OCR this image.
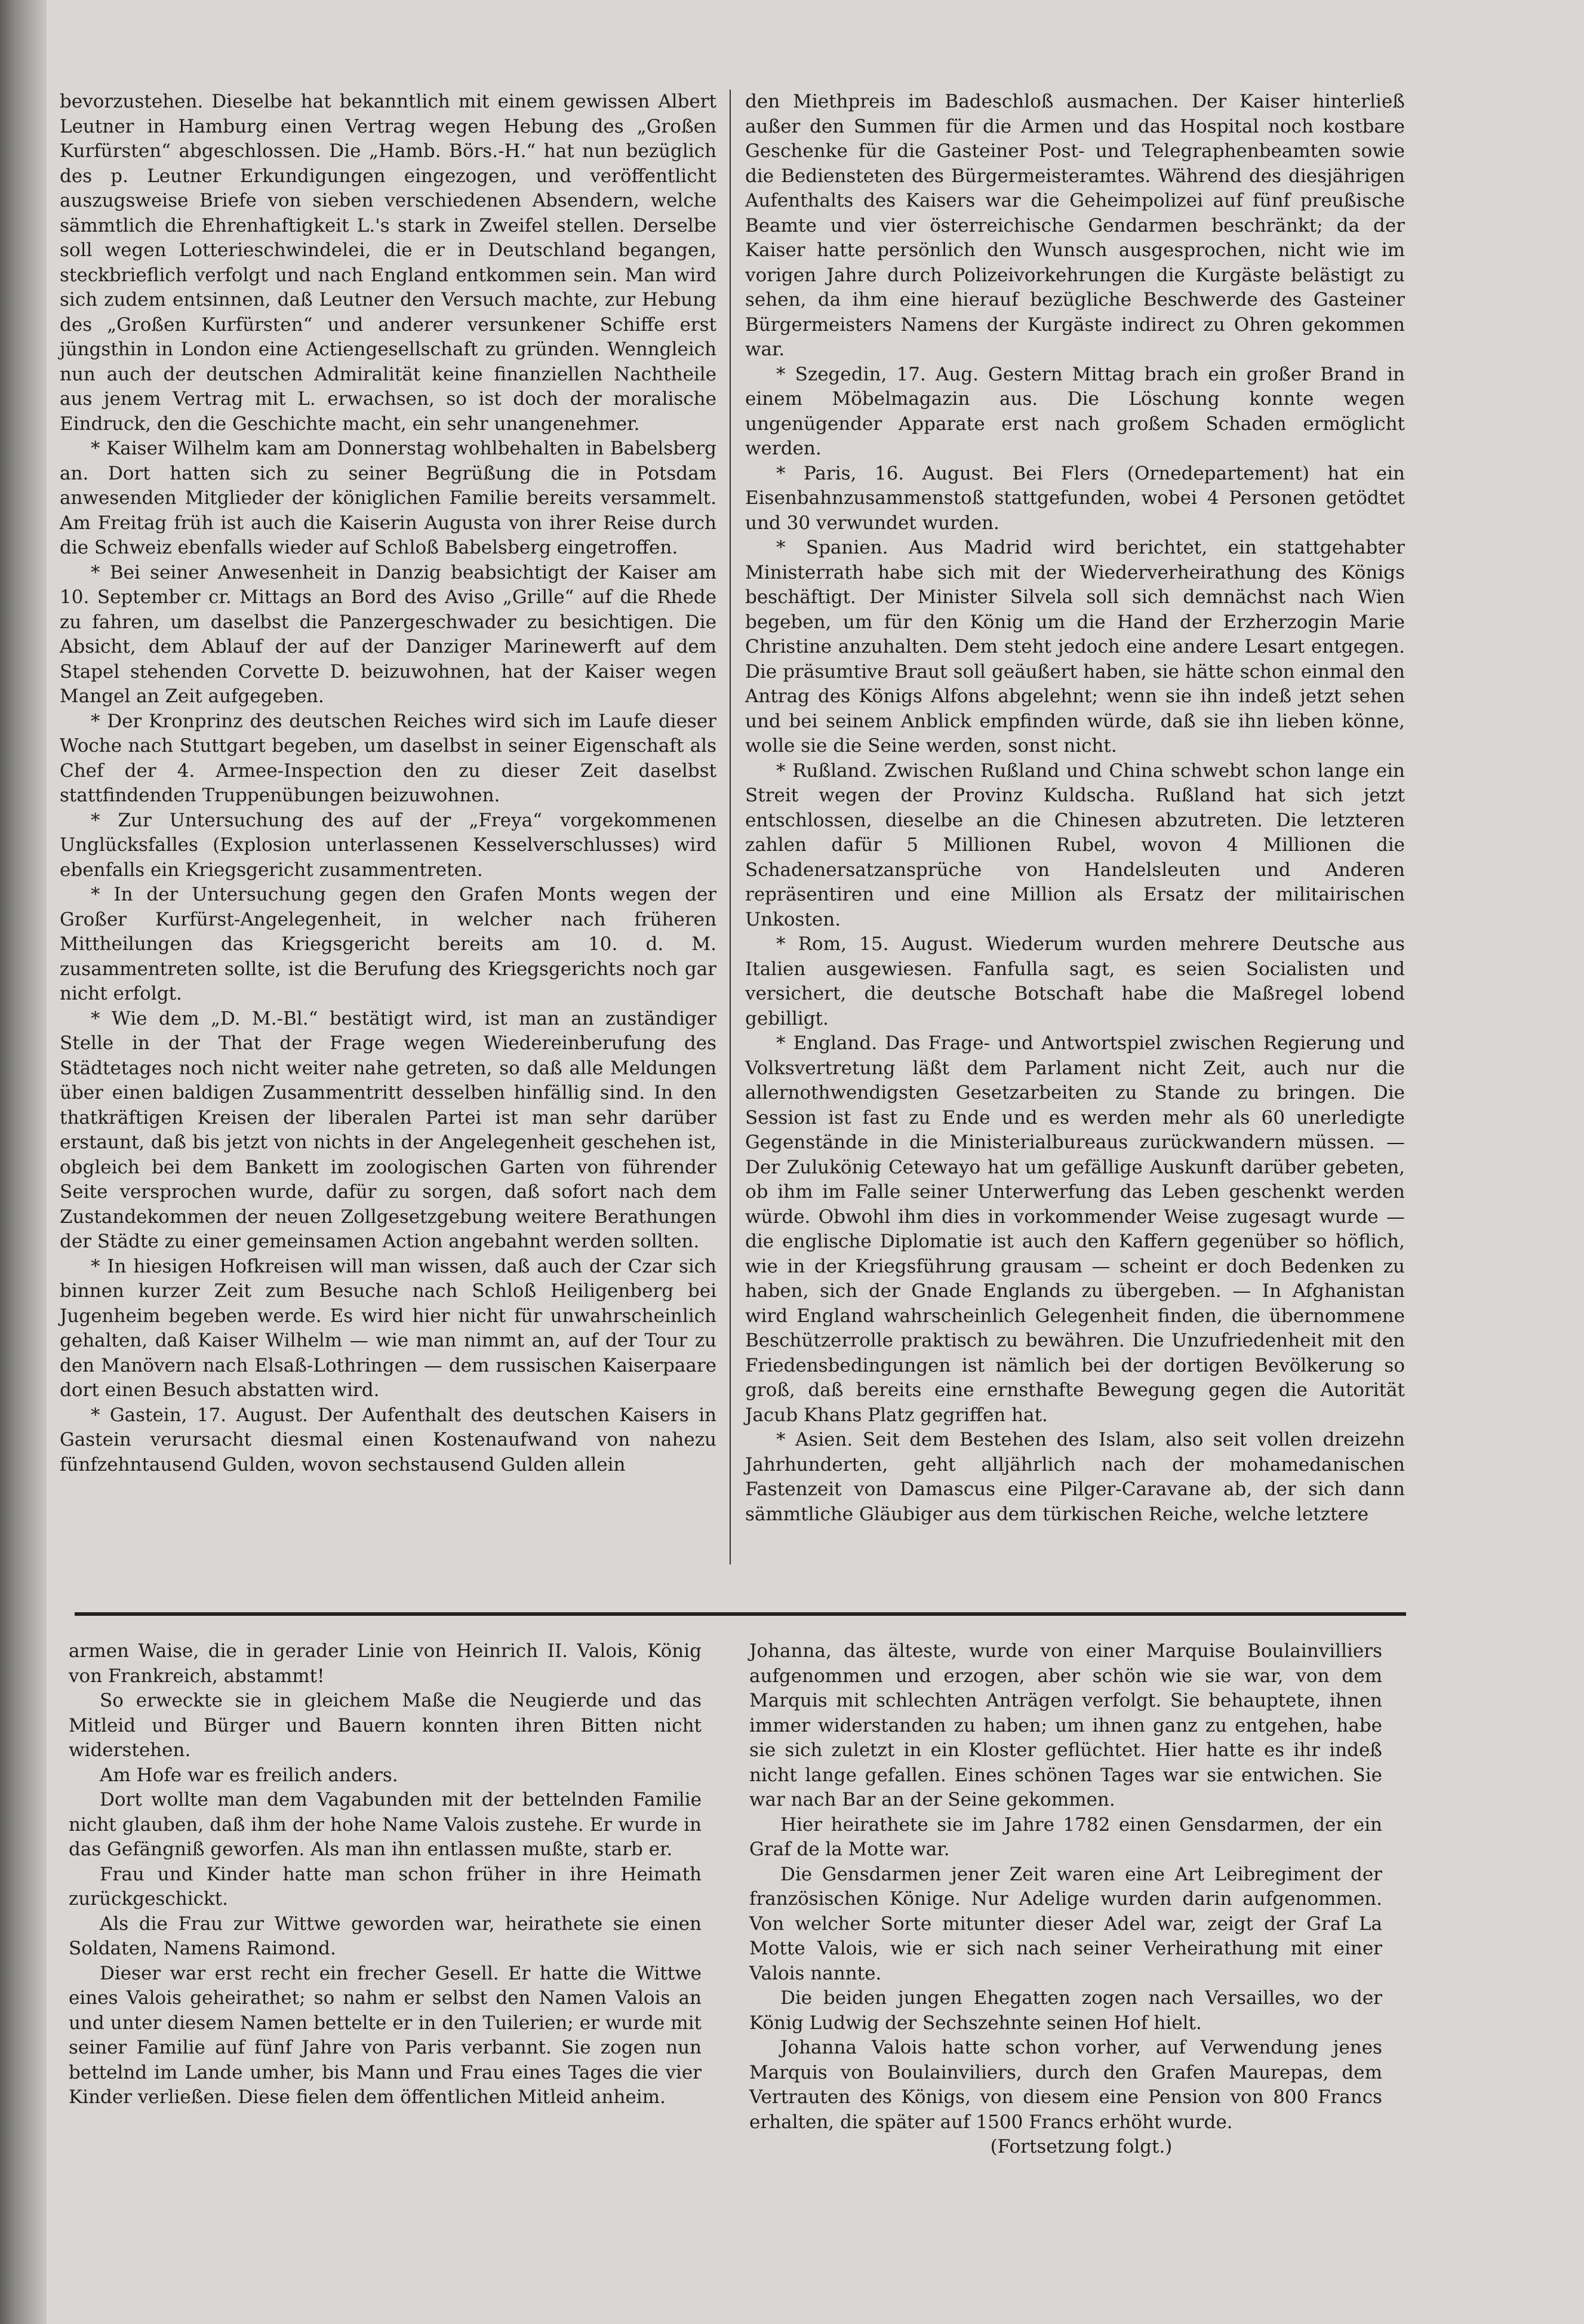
bevorzustehen. Dieselbe hat bekanntlich mit einem gewissen Albert Leutner in Hamburg einen Vertrag wegen Hebung des „Großen Kurfürsten“ abgeschlossen. Die „Hamb. Börs.-H.“ hat nun bezüglich des p. Leutner Erkundigungen eingezogen, und veröffentlicht auszugsweise Briefe von sieben verschiedenen Absendern, welche sämmtlich die Ehrenhaftigkeit L.'s stark in Zweifel stellen. Derselbe soll wegen Lotterieschwindelei, die er in Deutschland begangen, steckbrieflich verfolgt und nach England entkommen sein. Man wird sich zudem entsinnen, daß Leutner den Versuch machte, zur Hebung des „Großen Kurfürsten“ und anderer versunkener Schiffe erst jüngsthin in London eine Actiengesellschaft zu gründen. Wenngleich nun auch der deutschen Admiralität keine finanziellen Nachtheile aus jenem Vertrag mit L. erwachsen, so ist doch der moralische Eindruck, den die Geschichte macht, ein sehr unangenehmer.

* Kaiser Wilhelm kam am Donnerstag wohlbehalten in Babelsberg an. Dort hatten sich zu seiner Begrüßung die in Potsdam anwesenden Mitglieder der königlichen Familie bereits versammelt. Am Freitag früh ist auch die Kaiserin Augusta von ihrer Reise durch die Schweiz ebenfalls wieder auf Schloß Babelsberg eingetroffen.

* Bei seiner Anwesenheit in Danzig beabsichtigt der Kaiser am 10. September cr. Mittags an Bord des Aviso „Grille“ auf die Rhede zu fahren, um daselbst die Panzergeschwader zu besichtigen. Die Absicht, dem Ablauf der auf der Danziger Marinewerft auf dem Stapel stehenden Corvette D. beizuwohnen, hat der Kaiser wegen Mangel an Zeit aufgegeben.

* Der Kronprinz des deutschen Reiches wird sich im Laufe dieser Woche nach Stuttgart begeben, um daselbst in seiner Eigenschaft als Chef der 4. Armee-Inspection den zu dieser Zeit daselbst stattfindenden Truppenübungen beizuwohnen.

* Zur Untersuchung des auf der „Freya“ vorgekommenen Unglücksfalles (Explosion unterlassenen Kesselverschlusses) wird ebenfalls ein Kriegsgericht zusammentreten.

* In der Untersuchung gegen den Grafen Monts wegen der Großer Kurfürst-Angelegenheit, in welcher nach früheren Mittheilungen das Kriegsgericht bereits am 10. d. M. zusammentreten sollte, ist die Berufung des Kriegsgerichts noch gar nicht erfolgt.

* Wie dem „D. M.-Bl.“ bestätigt wird, ist man an zuständiger Stelle in der That der Frage wegen Wiedereinberufung des Städtetages noch nicht weiter nahe getreten, so daß alle Meldungen über einen baldigen Zusammentritt desselben hinfällig sind. In den thatkräftigen Kreisen der liberalen Partei ist man sehr darüber erstaunt, daß bis jetzt von nichts in der Angelegenheit geschehen ist, obgleich bei dem Bankett im zoologischen Garten von führender Seite versprochen wurde, dafür zu sorgen, daß sofort nach dem Zustandekommen der neuen Zollgesetzgebung weitere Berathungen der Städte zu einer gemeinsamen Action angebahnt werden sollten.

* In hiesigen Hofkreisen will man wissen, daß auch der Czar sich binnen kurzer Zeit zum Besuche nach Schloß Heiligenberg bei Jugenheim begeben werde. Es wird hier nicht für unwahrscheinlich gehalten, daß Kaiser Wilhelm — wie man nimmt an, auf der Tour zu den Manövern nach Elsaß-Lothringen — dem russischen Kaiserpaare dort einen Besuch abstatten wird.

* Gastein, 17. August. Der Aufenthalt des deutschen Kaisers in Gastein verursacht diesmal einen Kostenaufwand von nahezu fünfzehntausend Gulden, wovon sechstausend Gulden allein

den Miethpreis im Badeschloß ausmachen. Der Kaiser hinterließ außer den Summen für die Armen und das Hospital noch kostbare Geschenke für die Gasteiner Post- und Telegraphenbeamten sowie die Bediensteten des Bürgermeisteramtes. Während des diesjährigen Aufenthalts des Kaisers war die Geheimpolizei auf fünf preußische Beamte und vier österreichische Gendarmen beschränkt; da der Kaiser hatte persönlich den Wunsch ausgesprochen, nicht wie im vorigen Jahre durch Polizeivorkehrungen die Kurgäste belästigt zu sehen, da ihm eine hierauf bezügliche Beschwerde des Gasteiner Bürgermeisters Namens der Kurgäste indirect zu Ohren gekommen war.

* Szegedin, 17. Aug. Gestern Mittag brach ein großer Brand in einem Möbelmagazin aus. Die Löschung konnte wegen ungenügender Apparate erst nach großem Schaden ermöglicht werden.

* Paris, 16. August. Bei Flers (Ornedepartement) hat ein Eisenbahnzusammenstoß stattgefunden, wobei 4 Personen getödtet und 30 verwundet wurden.

* Spanien. Aus Madrid wird berichtet, ein stattgehabter Ministerrath habe sich mit der Wiederverheirathung des Königs beschäftigt. Der Minister Silvela soll sich demnächst nach Wien begeben, um für den König um die Hand der Erzherzogin Marie Christine anzuhalten. Dem steht jedoch eine andere Lesart entgegen. Die präsumtive Braut soll geäußert haben, sie hätte schon einmal den Antrag des Königs Alfons abgelehnt; wenn sie ihn indeß jetzt sehen und bei seinem Anblick empfinden würde, daß sie ihn lieben könne, wolle sie die Seine werden, sonst nicht.

* Rußland. Zwischen Rußland und China schwebt schon lange ein Streit wegen der Provinz Kuldscha. Rußland hat sich jetzt entschlossen, dieselbe an die Chinesen abzutreten. Die letzteren zahlen dafür 5 Millionen Rubel, wovon 4 Millionen die Schadenersatzansprüche von Handelsleuten und Anderen repräsentiren und eine Million als Ersatz der militairischen Unkosten.

* Rom, 15. August. Wiederum wurden mehrere Deutsche aus Italien ausgewiesen. Fanfulla sagt, es seien Socialisten und versichert, die deutsche Botschaft habe die Maßregel lobend gebilligt.

* England. Das Frage- und Antwortspiel zwischen Regierung und Volksvertretung läßt dem Parlament nicht Zeit, auch nur die allernothwendigsten Gesetzarbeiten zu Stande zu bringen. Die Session ist fast zu Ende und es werden mehr als 60 unerledigte Gegenstände in die Ministerialbureaus zurückwandern müssen. — Der Zulukönig Cetewayo hat um gefällige Auskunft darüber gebeten, ob ihm im Falle seiner Unterwerfung das Leben geschenkt werden würde. Obwohl ihm dies in vorkommender Weise zugesagt wurde — die englische Diplomatie ist auch den Kaffern gegenüber so höflich, wie in der Kriegsführung grausam — scheint er doch Bedenken zu haben, sich der Gnade Englands zu übergeben. — In Afghanistan wird England wahrscheinlich Gelegenheit finden, die übernommene Beschützerrolle praktisch zu bewähren. Die Unzufriedenheit mit den Friedensbedingungen ist nämlich bei der dortigen Bevölkerung so groß, daß bereits eine ernsthafte Bewegung gegen die Autorität Jacub Khans Platz gegriffen hat.

* Asien. Seit dem Bestehen des Islam, also seit vollen dreizehn Jahrhunderten, geht alljährlich nach der mohamedanischen Fastenzeit von Damascus eine Pilger-Caravane ab, der sich dann sämmtliche Gläubiger aus dem türkischen Reiche, welche letztere

armen Waise, die in gerader Linie von Heinrich II. Valois, König von Frankreich, abstammt!

So erweckte sie in gleichem Maße die Neugierde und das Mitleid und Bürger und Bauern konnten ihren Bitten nicht widerstehen.

Am Hofe war es freilich anders.

Dort wollte man dem Vagabunden mit der bettelnden Familie nicht glauben, daß ihm der hohe Name Valois zustehe. Er wurde in das Gefängniß geworfen. Als man ihn entlassen mußte, starb er.

Frau und Kinder hatte man schon früher in ihre Heimath zurückgeschickt.

Als die Frau zur Wittwe geworden war, heirathete sie einen Soldaten, Namens Raimond.

Dieser war erst recht ein frecher Gesell. Er hatte die Wittwe eines Valois geheirathet; so nahm er selbst den Namen Valois an und unter diesem Namen bettelte er in den Tuilerien; er wurde mit seiner Familie auf fünf Jahre von Paris verbannt. Sie zogen nun bettelnd im Lande umher, bis Mann und Frau eines Tages die vier Kinder verließen. Diese fielen dem öffentlichen Mitleid anheim.

Johanna, das älteste, wurde von einer Marquise Boulainvilliers aufgenommen und erzogen, aber schön wie sie war, von dem Marquis mit schlechten Anträgen verfolgt. Sie behauptete, ihnen immer widerstanden zu haben; um ihnen ganz zu entgehen, habe sie sich zuletzt in ein Kloster geflüchtet. Hier hatte es ihr indeß nicht lange gefallen. Eines schönen Tages war sie entwichen. Sie war nach Bar an der Seine gekommen.

Hier heirathete sie im Jahre 1782 einen Gensdarmen, der ein Graf de la Motte war.

Die Gensdarmen jener Zeit waren eine Art Leibregiment der französischen Könige. Nur Adelige wurden darin aufgenommen. Von welcher Sorte mitunter dieser Adel war, zeigt der Graf La Motte Valois, wie er sich nach seiner Verheirathung mit einer Valois nannte.

Die beiden jungen Ehegatten zogen nach Versailles, wo der König Ludwig der Sechszehnte seinen Hof hielt.

Johanna Valois hatte schon vorher, auf Verwendung jenes Marquis von Boulainviliers, durch den Grafen Maurepas, dem Vertrauten des Königs, von diesem eine Pension von 800 Francs erhalten, die später auf 1500 Francs erhöht wurde.

(Fortsetzung folgt.)
